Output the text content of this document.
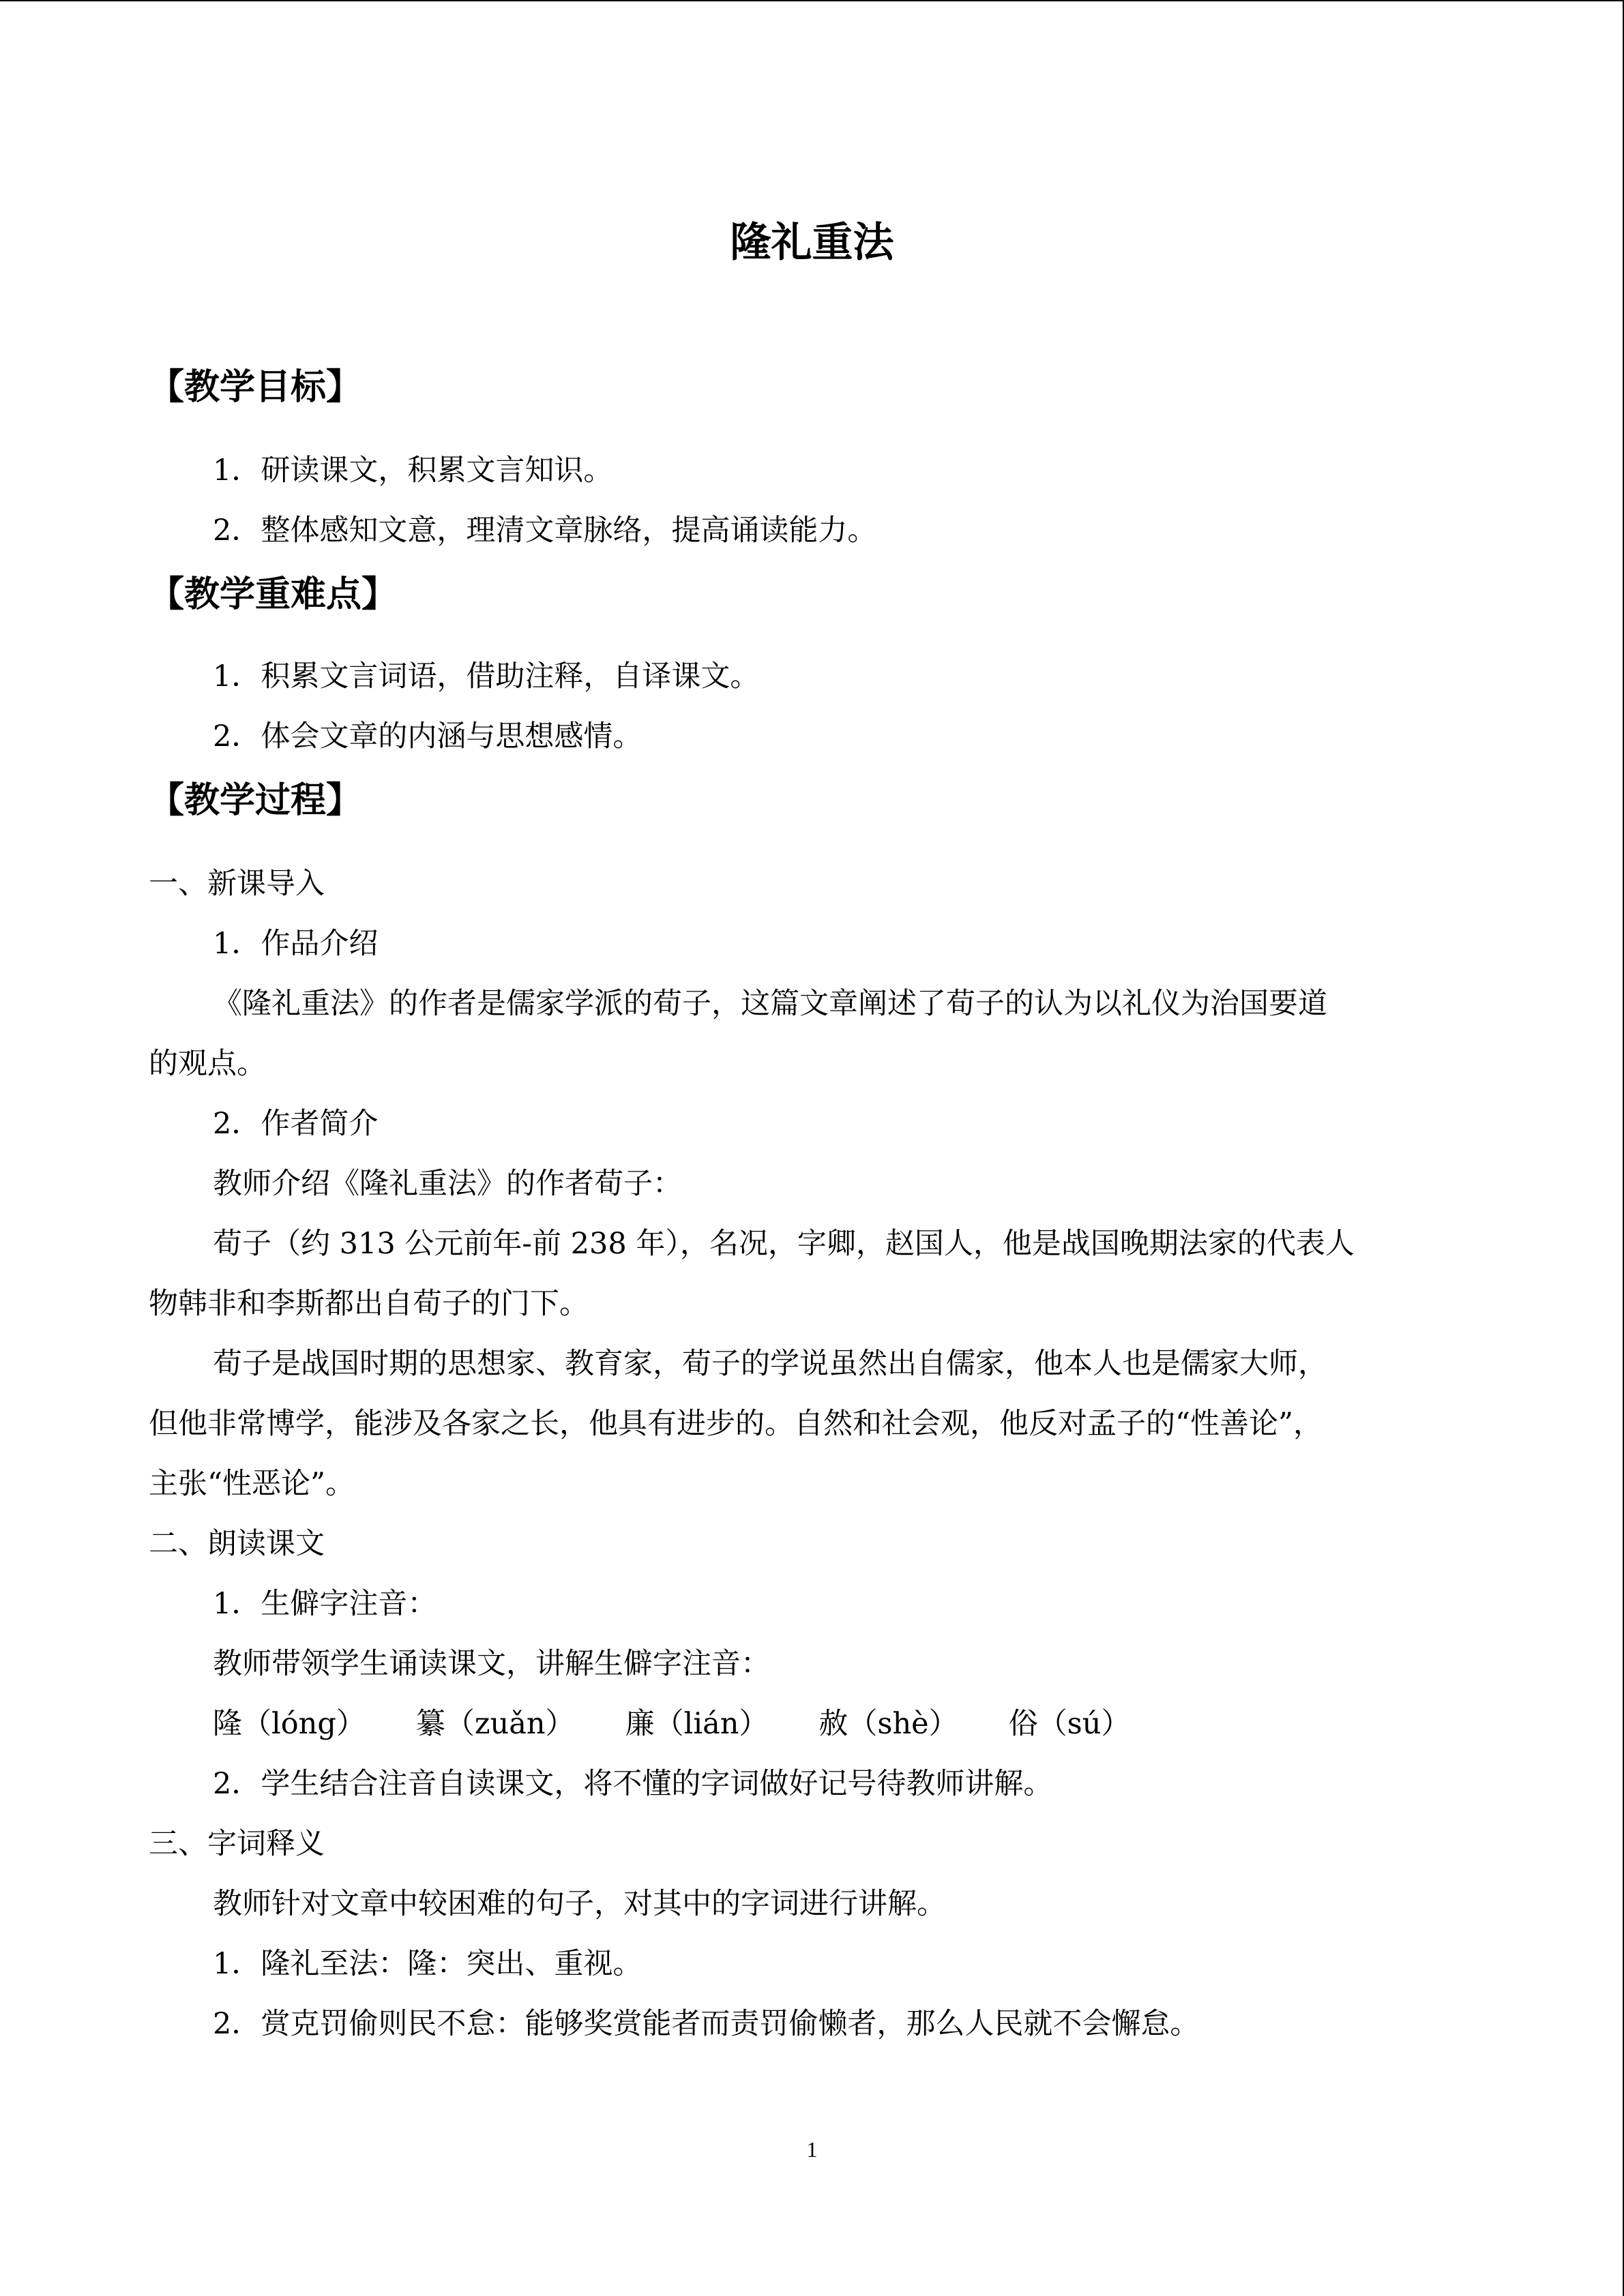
隆礼重法
【教学目标】
1．研读课文，积累文言知识。
2．整体感知文意，理清文章脉络，提高诵读能力。
【教学重难点】
1．积累文言词语，借助注释，自译课文。
2．体会文章的内涵与思想感情。
【教学过程】
一、新课导入
1．作品介绍
《隆礼重法》的作者是儒家学派的荀子，这篇文章阐述了荀子的认为以礼仪为治国要道
的观点。
2．作者简介
教师介绍《隆礼重法》的作者荀子：
荀子（约 313 公元前年-前 238 年），名况，字卿，赵国人，他是战国晚期法家的代表人
物韩非和李斯都出自荀子的门下。
荀子是战国时期的思想家、教育家，荀子的学说虽然出自儒家，他本人也是儒家大师，
但他非常博学，能涉及各家之长，他具有进步的。自然和社会观，他反对孟子的“性善论”，
主张“性恶论”。
二、朗读课文
1．生僻字注音：
教师带领学生诵读课文，讲解生僻字注音：
隆（lóng） 纂（zuǎn） 廉（lián） 赦（shè） 俗（sú）
2．学生结合注音自读课文，将不懂的字词做好记号待教师讲解。
三、字词释义
教师针对文章中较困难的句子，对其中的字词进行讲解。
1．隆礼至法：隆：突出、重视。
2．赏克罚偷则民不怠：能够奖赏能者而责罚偷懒者，那么人民就不会懈怠。
1
